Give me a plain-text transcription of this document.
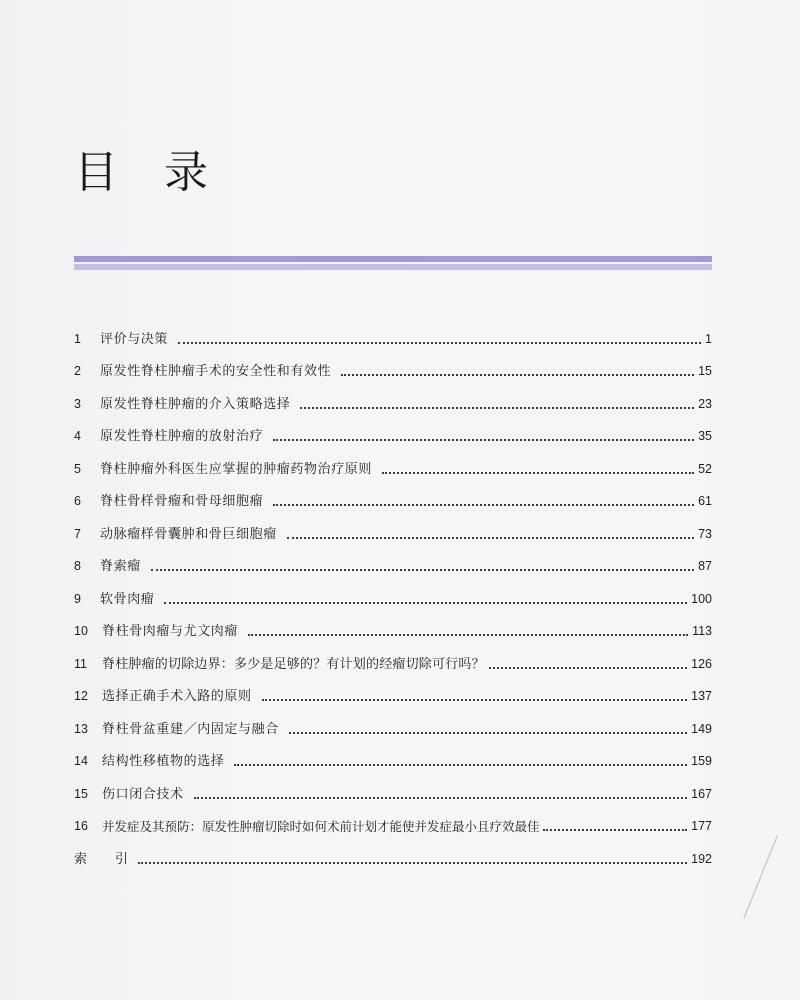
目录
1	评价与决策	1
2	原发性脊柱肿瘤手术的安全性和有效性	15
3	原发性脊柱肿瘤的介入策略选择	23
4	原发性脊柱肿瘤的放射治疗	35
5	脊柱肿瘤外科医生应掌握的肿瘤药物治疗原则	52
6	脊柱骨样骨瘤和骨母细胞瘤	61
7	动脉瘤样骨囊肿和骨巨细胞瘤	73
8	脊索瘤	87
9	软骨肉瘤	100
10	脊柱骨肉瘤与尤文肉瘤	113
11	脊柱肿瘤的切除边界：多少是足够的？有计划的经瘤切除可行吗？	126
12	选择正确手术入路的原则	137
13	脊柱骨盆重建／内固定与融合	149
14	结构性移植物的选择	159
15	伤口闭合技术	167
16	并发症及其预防：原发性肿瘤切除时如何术前计划才能使并发症最小且疗效最佳	177
索引	192
